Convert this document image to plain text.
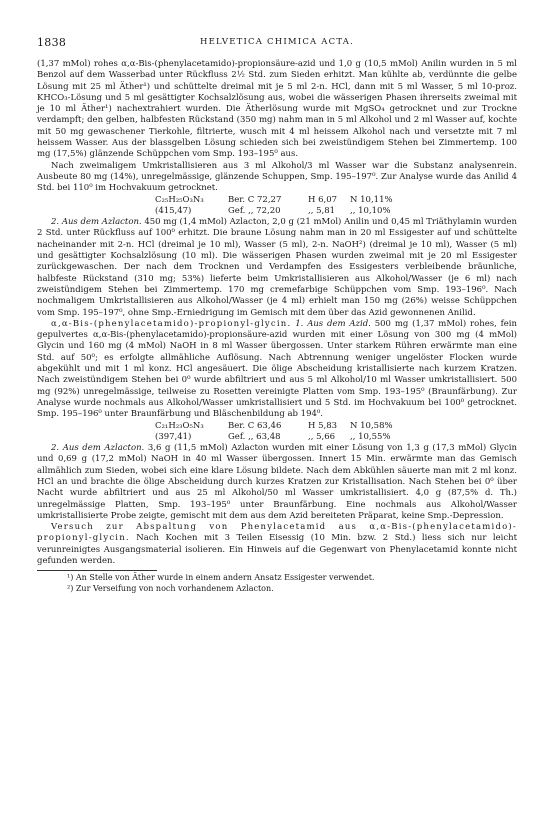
1838	HELVETICA CHIMICA ACTA.

(1,37 mMol) rohes α,α-Bis-(phenylacetamido)-propionsäure-azid und 1,0 g (10,5 mMol) Anilin wurden in 5 ml Benzol auf dem Wasserbad unter Rückfluss 2½ Std. zum Sieden erhitzt. Man kühlte ab, verdünnte die gelbe Lösung mit 25 ml Äther¹) und schüttelte dreimal mit je 5 ml 2-n. HCl, dann mit 5 ml Wasser, 5 ml 10-proz. KHCO₃-Lösung und 5 ml gesättigter Kochsalzlösung aus, wobei die wässerigen Phasen ihrerseits zweimal mit je 10 ml Äther¹) nachextrahiert wurden. Die Ätherlösung wurde mit MgSO₄ getrocknet und zur Trockne verdampft; den gelben, halbfesten Rückstand (350 mg) nahm man in 5 ml Alkohol und 2 ml Wasser auf, kochte mit 50 mg gewaschener Tierkohle, filtrierte, wusch mit 4 ml heissem Alkohol nach und versetzte mit 7 ml heissem Wasser. Aus der blassgelben Lösung schieden sich bei zweistündigem Stehen bei Zimmertemp. 100 mg (17,5%) glänzende Schüppchen vom Smp. 193–195⁰ aus.

Nach zweimaligem Umkristallisieren aus 3 ml Alkohol/3 ml Wasser war die Substanz analysenrein. Ausbeute 80 mg (14%), unregelmässige, glänzende Schuppen, Smp. 195–197⁰. Zur Analyse wurde das Anilid 4 Std. bei 110⁰ im Hochvakuum getrocknet.

C₂₅H₂₅O₃N₃	Ber. C 72,27	H 6,07	N 10,11%
(415,47)	Gef. ,, 72,20	,, 5,81	,, 10,10%

2. Aus dem Azlacton. 450 mg (1,4 mMol) Azlacton, 2,0 g (21 mMol) Anilin und 0,45 ml Triäthylamin wurden 2 Std. unter Rückfluss auf 100⁰ erhitzt. Die braune Lösung nahm man in 20 ml Essigester auf und schüttelte nacheinander mit 2-n. HCl (dreimal je 10 ml), Wasser (5 ml), 2-n. NaOH²) (dreimal je 10 ml), Wasser (5 ml) und gesättigter Kochsalzlösung (10 ml). Die wässerigen Phasen wurden zweimal mit je 20 ml Essigester zurückgewaschen. Der nach dem Trocknen und Verdampfen des Essigesters verbleibende bräunliche, halbfeste Rückstand (310 mg; 53%) lieferte beim Umkristallisieren aus Alkohol/Wasser (je 6 ml) nach zweistündigem Stehen bei Zimmertemp. 170 mg cremefarbige Schüppchen vom Smp. 193–196⁰. Nach nochmaligem Umkristallisieren aus Alkohol/Wasser (je 4 ml) erhielt man 150 mg (26%) weisse Schüppchen vom Smp. 195–197⁰, ohne Smp.-Erniedrigung im Gemisch mit dem über das Azid gewonnenen Anilid.

α,α-Bis-(phenylacetamido)-propionyl-glycin. 1. Aus dem Azid. 500 mg (1,37 mMol) rohes, fein gepulvertes α,α-Bis-(phenylacetamido)-propionsäure-azid wurden mit einer Lösung von 300 mg (4 mMol) Glycin und 160 mg (4 mMol) NaOH in 8 ml Wasser übergossen. Unter starkem Rühren erwärmte man eine Std. auf 50⁰; es erfolgte allmähliche Auflösung. Nach Abtrennung weniger ungelöster Flocken wurde abgekühlt und mit 1 ml konz. HCl angesäuert. Die ölige Abscheidung kristallisierte nach kurzem Kratzen. Nach zweistündigem Stehen bei 0⁰ wurde abfiltriert und aus 5 ml Alkohol/10 ml Wasser umkristallisiert. 500 mg (92%) unregelmässige, teilweise zu Rosetten vereinigte Platten vom Smp. 193–195⁰ (Braunfärbung). Zur Analyse wurde nochmals aus Alkohol/Wasser umkristallisiert und 5 Std. im Hochvakuum bei 100⁰ getrocknet. Smp. 195–196⁰ unter Braunfärbung und Bläschenbildung ab 194⁰.

C₂₁H₂₃O₅N₃	Ber. C 63,46	H 5,83	N 10,58%
(397,41)	Gef. ,, 63,48	,, 5,66	,, 10,55%

2. Aus dem Azlacton. 3,6 g (11,5 mMol) Azlacton wurden mit einer Lösung von 1,3 g (17,3 mMol) Glycin und 0,69 g (17,2 mMol) NaOH in 40 ml Wasser übergossen. Innert 15 Min. erwärmte man das Gemisch allmählich zum Sieden, wobei sich eine klare Lösung bildete. Nach dem Abkühlen säuerte man mit 2 ml konz. HCl an und brachte die ölige Abscheidung durch kurzes Kratzen zur Kristallisation. Nach Stehen bei 0⁰ über Nacht wurde abfiltriert und aus 25 ml Alkohol/50 ml Wasser umkristallisiert. 4,0 g (87,5% d. Th.) unregelmässige Platten, Smp. 193–195⁰ unter Braunfärbung. Eine nochmals aus Alkohol/Wasser umkristallisierte Probe zeigte, gemischt mit dem aus dem Azid bereiteten Präparat, keine Smp.-Depression.

Versuch zur Abspaltung von Phenylacetamid aus α,α-Bis-(phenylacetamido)-propionyl-glycin. Nach Kochen mit 3 Teilen Eisessig (10 Min. bzw. 2 Std.) liess sich nur leicht verunreinigtes Ausgangsmaterial isolieren. Ein Hinweis auf die Gegenwart von Phenylacetamid konnte nicht gefunden werden.

¹) An Stelle von Äther wurde in einem andern Ansatz Essigester verwendet.

²) Zur Verseifung von noch vorhandenem Azlacton.
